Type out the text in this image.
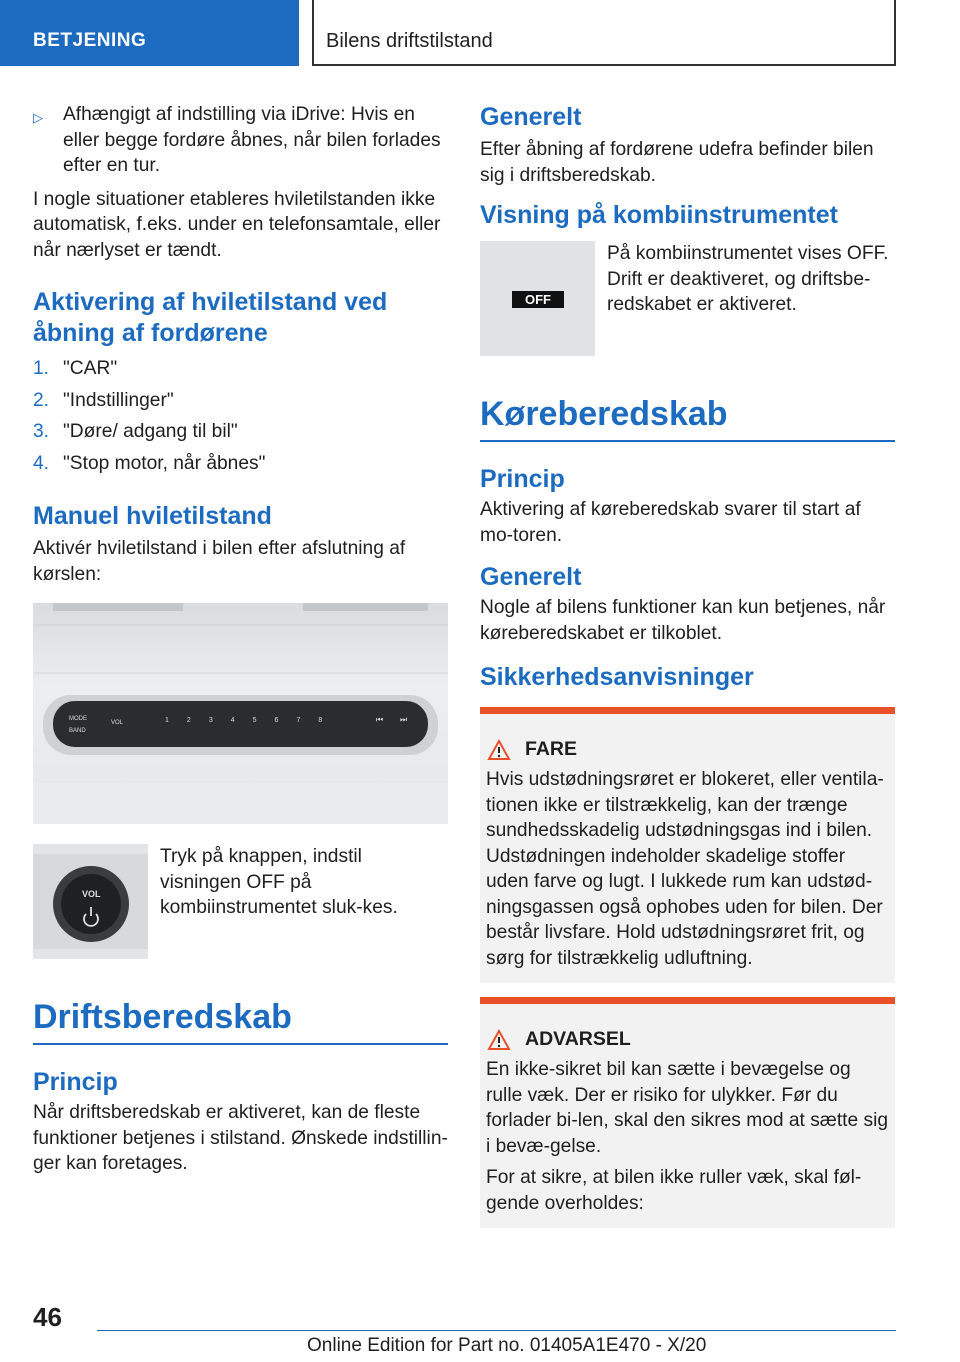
BETJENING	Bilens driftstilstand
▷	Afhængigt af indstilling via iDrive: Hvis en eller begge fordøre åbnes, når bilen forlades efter en tur.

I nogle situationer etableres hviletilstanden ikke automatisk, f.eks. under en telefonsamtale, eller når nærlyset er tændt.

Aktivering af hviletilstand ved åbning af fordørene
1. "CAR"
2. "Indstillinger"
3. "Døre/ adgang til bil"
4. "Stop motor, når åbnes"
Manuel hviletilstand

Aktivér hviletilstand i bilen efter afslutning af kørslen:

MODE
BAND
VOL	1	2	3	4	5	6	7	8	⏮ ⏭
VOL

Tryk på knappen, indstil visningen OFF på kombiinstrumentet sluk-kes.

Driftsberedskab
Princip

Når driftsberedskab er aktiveret, kan de fleste funktioner betjenes i stilstand. Ønskede indstillin-ger kan foretages.

Generelt

Efter åbning af fordørene udefra befinder bilen sig i driftsberedskab.

Visning på kombiinstrumentet
OFF

På kombiinstrumentet vises OFF. Drift er deaktiveret, og driftsbe-redskabet er aktiveret.

Køreberedskab
Princip

Aktivering af køreberedskab svarer til start af mo-toren.

Generelt

Nogle af bilens funktioner kan kun betjenes, når køreberedskabet er tilkoblet.

Sikkerhedsanvisninger
FARE

Hvis udstødningsrøret er blokeret, eller ventila-tionen ikke er tilstrækkelig, kan der trænge sundhedsskadelig udstødningsgas ind i bilen. Udstødningen indeholder skadelige stoffer uden farve og lugt. I lukkede rum kan udstød-ningsgassen også ophobes uden for bilen. Der består livsfare. Hold udstødningsrøret frit, og sørg for tilstrækkelig udluftning.

ADVARSEL

En ikke-sikret bil kan sætte i bevægelse og rulle væk. Der er risiko for ulykker. Før du forlader bi-len, skal den sikres mod at sætte sig i bevæ-gelse.

For at sikre, at bilen ikke ruller væk, skal føl-gende overholdes:

46
Online Edition for Part no. 01405A1E470 - X/20
